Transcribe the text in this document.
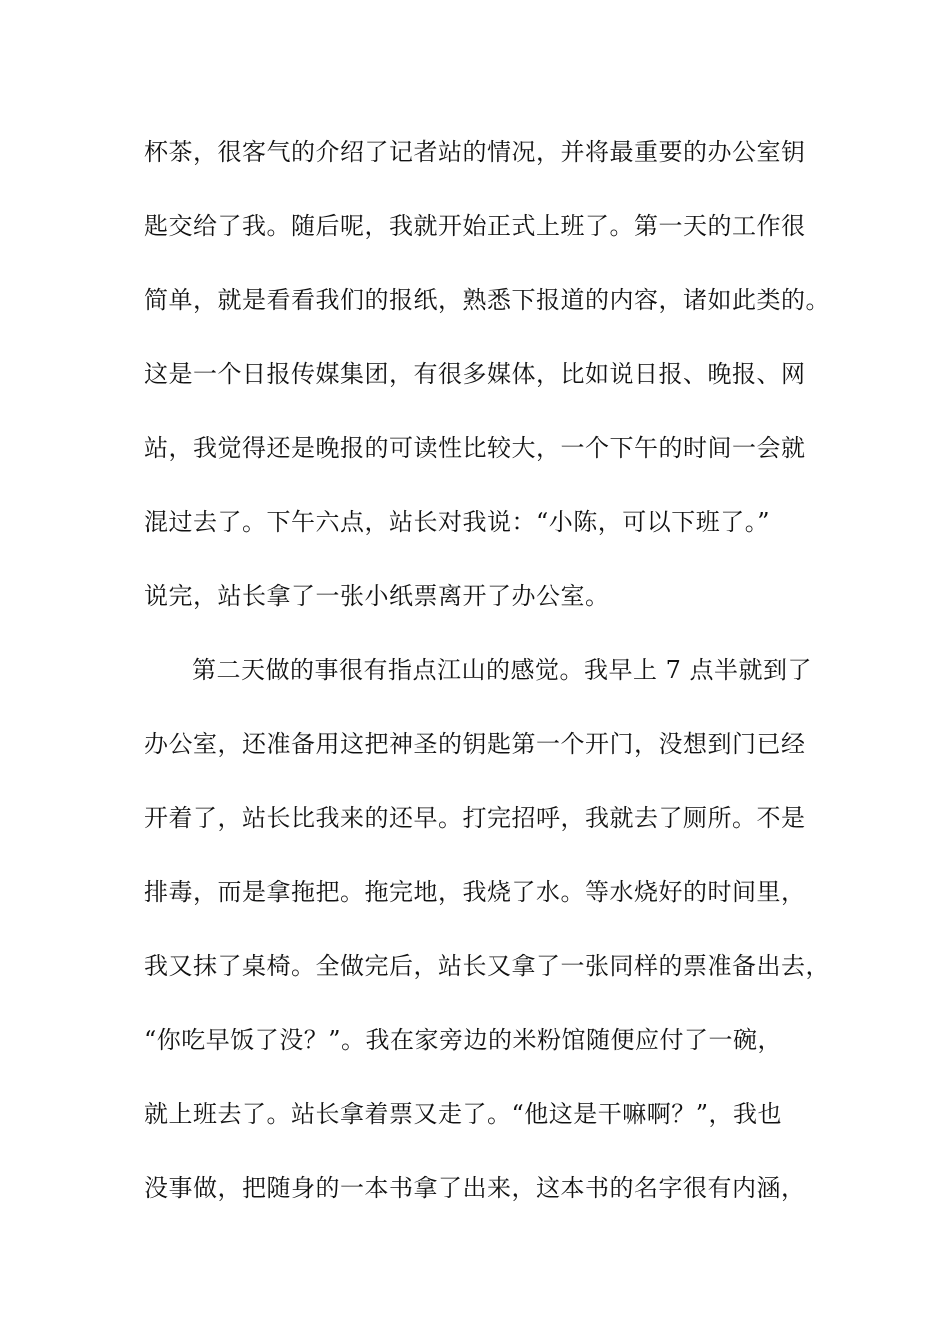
杯茶，很客气的介绍了记者站的情况，并将最重要的办公室钥
匙交给了我。随后呢，我就开始正式上班了。第一天的工作很
简单，就是看看我们的报纸，熟悉下报道的内容，诸如此类的。
这是一个日报传媒集团，有很多媒体，比如说日报、晚报、网
站，我觉得还是晚报的可读性比较大，一个下午的时间一会就
混过去了。下午六点，站长对我说：“小陈，可以下班了。”
说完，站长拿了一张小纸票离开了办公室。
第二天做的事很有指点江山的感觉。我早上 7 点半就到了
办公室，还准备用这把神圣的钥匙第一个开门，没想到门已经
开着了，站长比我来的还早。打完招呼，我就去了厕所。不是
排毒，而是拿拖把。拖完地，我烧了水。等水烧好的时间里，
我又抹了桌椅。全做完后，站长又拿了一张同样的票准备出去，
“你吃早饭了没？”。我在家旁边的米粉馆随便应付了一碗，
就上班去了。站长拿着票又走了。“他这是干嘛啊？”，我也
没事做，把随身的一本书拿了出来，这本书的名字很有内涵，
